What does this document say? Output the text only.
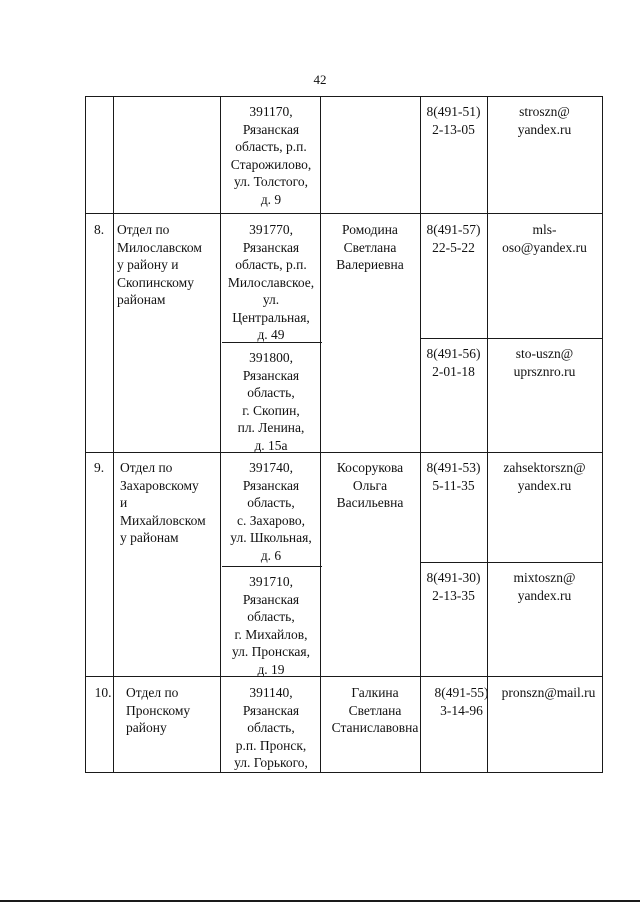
42
391170,
Рязанская
область, р.п.
Старожилово,
ул. Толстого,
д. 9
8(491-51)
2-13-05
stroszn@
yandex.ru
8. Отдел по
Милославском
у району и
Скопинскому
районам
391770,
Рязанская
область, р.п.
Милославское,
ул.
Центральная,
д. 49
Ромодина
Светлана
Валериевна
8(491-57)
22-5-22
mls-
oso@yandex.ru
391800,
Рязанская
область,
г. Скопин,
пл. Ленина,
д. 15а
8(491-56)
2-01-18
sto-uszn@
uprsznro.ru
9.	Отдел по
Захаровскому
и
Михайловском
у районам
391740,
Рязанская
область,
с. Захарово,
ул. Школьная,
д. 6
Косорукова
Ольга
Васильевна
8(491-53)
5-11-35
zahsektorszn@
yandex.ru
391710,
Рязанская
область,
г. Михайлов,
ул. Пронская,
д. 19
8(491-30)
2-13-35
mixtoszn@
yandex.ru
10.	Отдел по
Пронскому
району
391140,
Рязанская
область,
р.п. Пронск,
ул. Горького,
Галкина
Светлана
Станиславовна
8(491-55)
3-14-96
pronszn@mail.ru
